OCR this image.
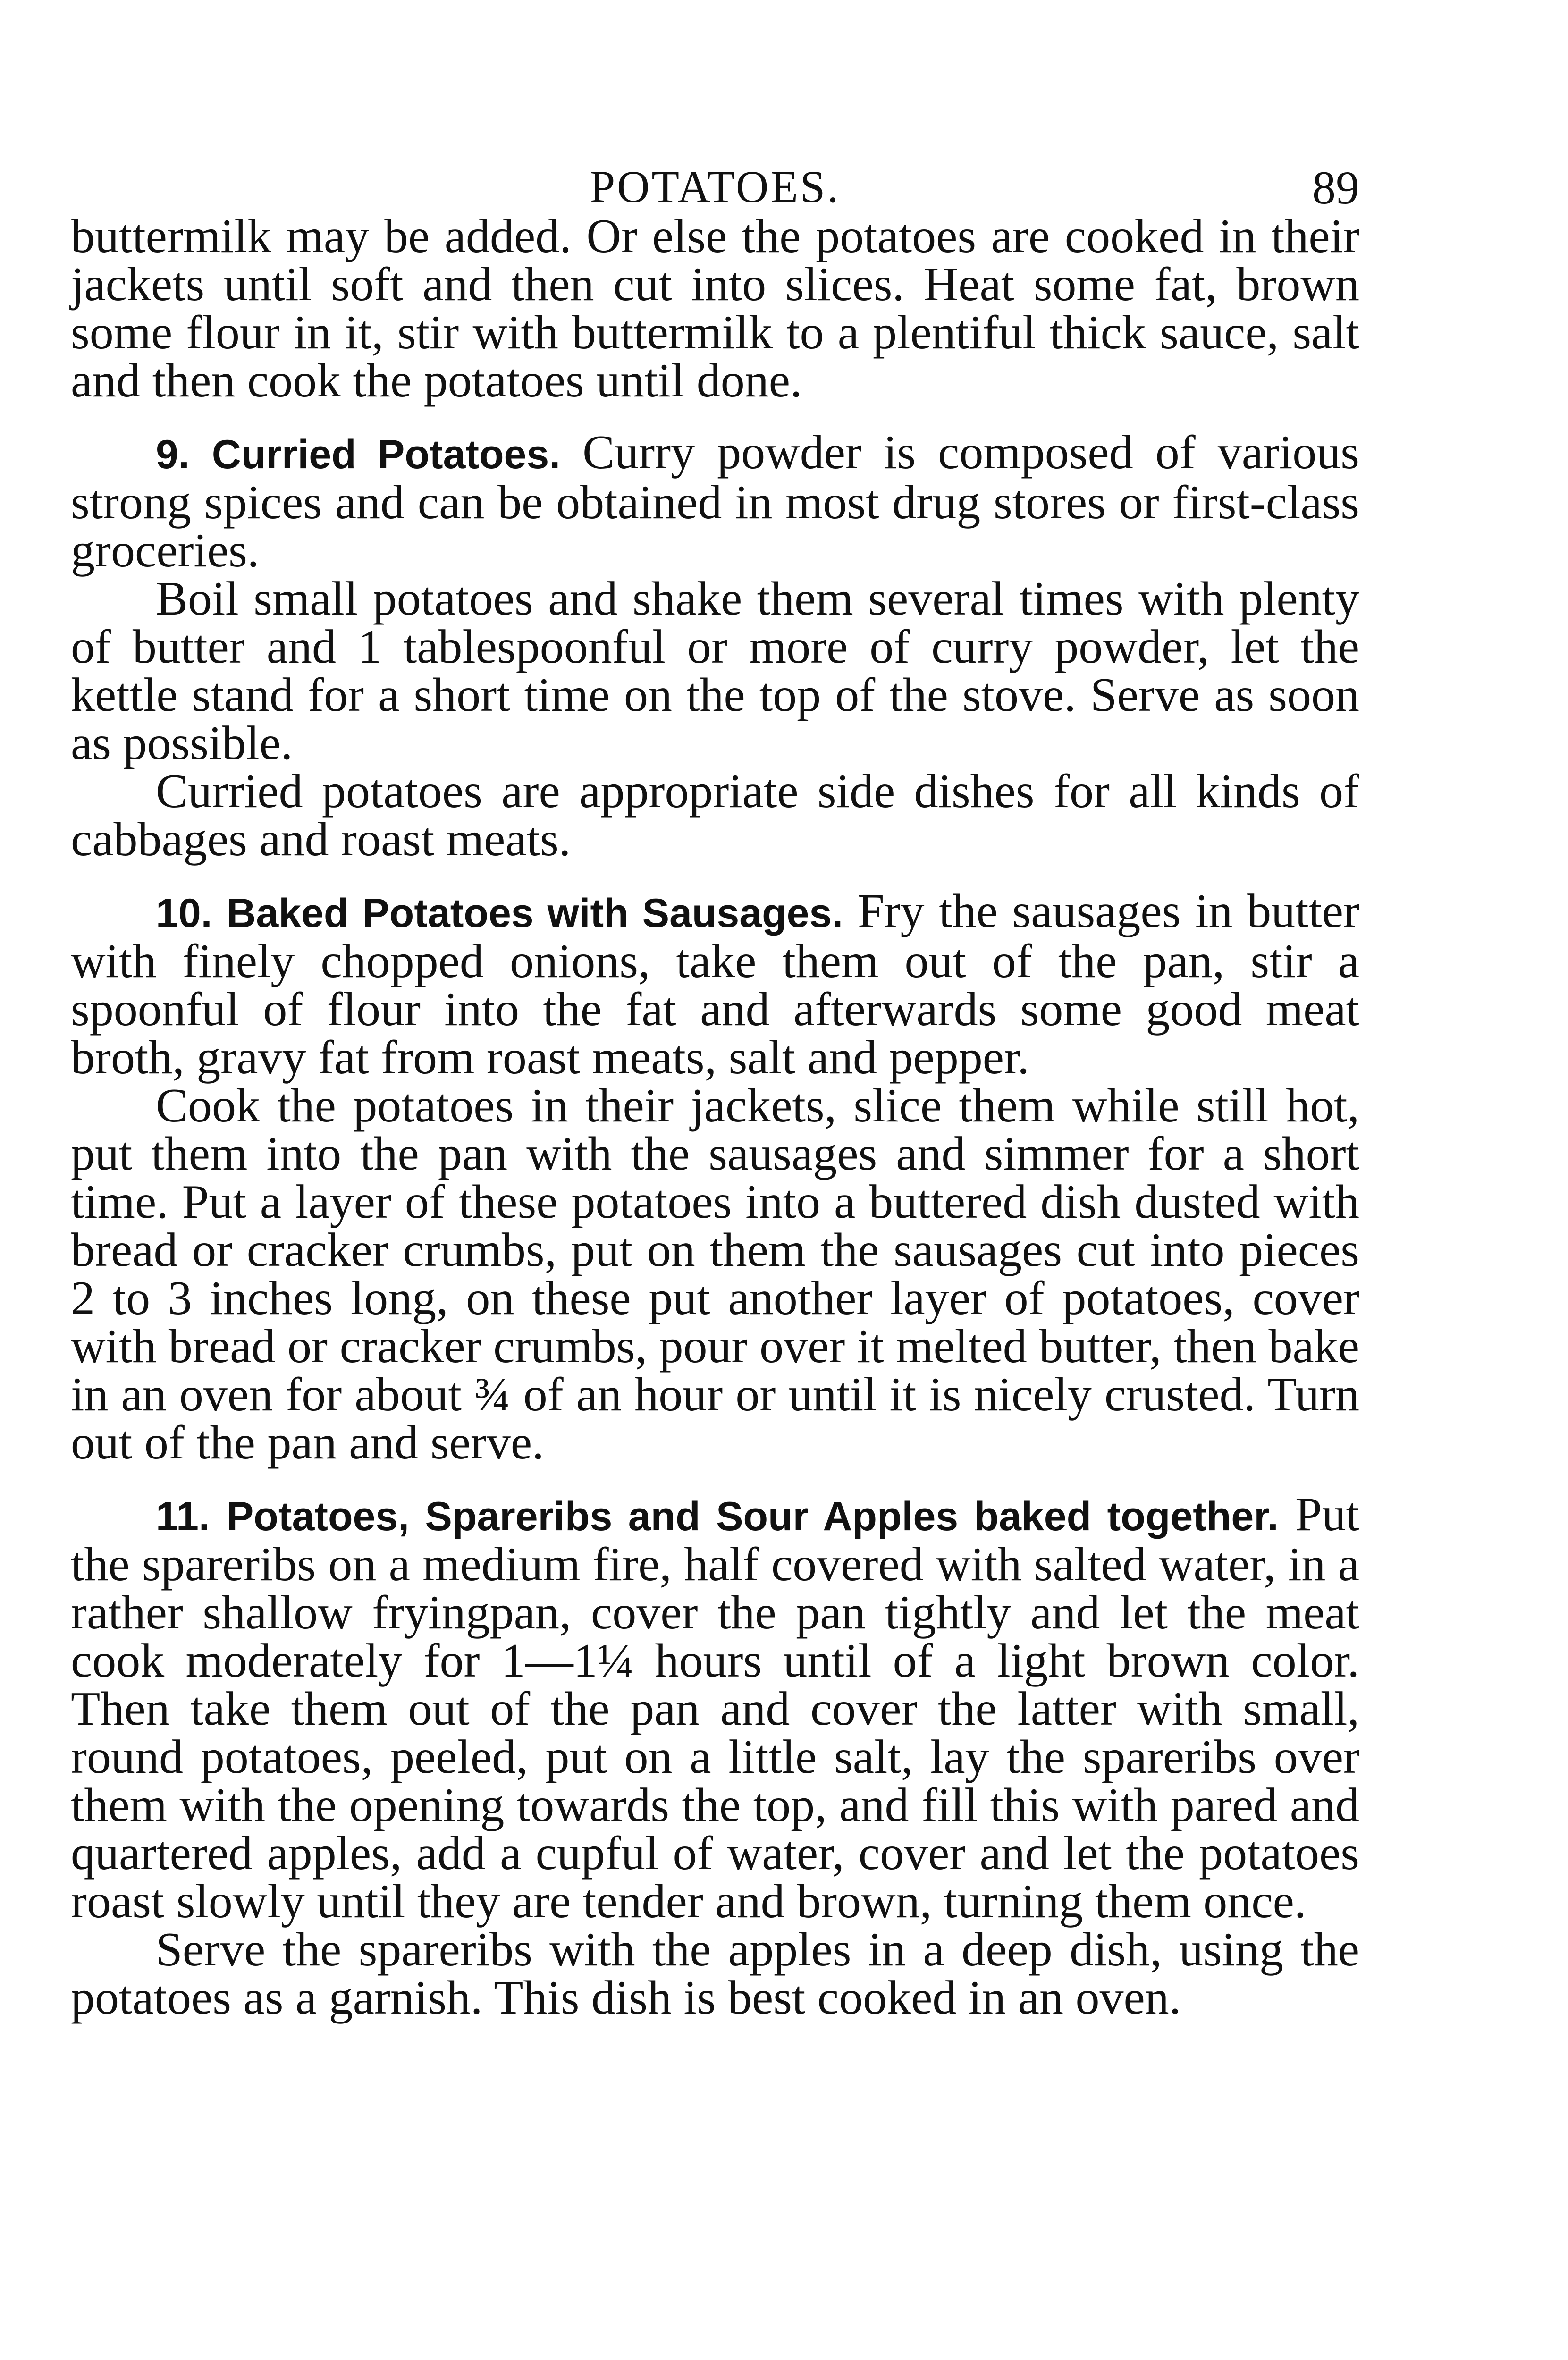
POTATOES.	89

buttermilk may be added. Or else the potatoes are cooked in their jackets until soft and then cut into slices. Heat some fat, brown some flour in it, stir with buttermilk to a plentiful thick sauce, salt and then cook the potatoes until done.

9. Curried Potatoes. Curry powder is composed of various strong spices and can be obtained in most drug stores or first-class groceries.

Boil small potatoes and shake them several times with plenty of butter and 1 tablespoonful or more of curry powder, let the kettle stand for a short time on the top of the stove. Serve as soon as possible.

Curried potatoes are appropriate side dishes for all kinds of cabbages and roast meats.

10. Baked Potatoes with Sausages. Fry the sausages in butter with finely chopped onions, take them out of the pan, stir a spoonful of flour into the fat and afterwards some good meat broth, gravy fat from roast meats, salt and pepper.

Cook the potatoes in their jackets, slice them while still hot, put them into the pan with the sausages and simmer for a short time. Put a layer of these potatoes into a buttered dish dusted with bread or cracker crumbs, put on them the sausages cut into pieces 2 to 3 inches long, on these put another layer of potatoes, cover with bread or cracker crumbs, pour over it melted butter, then bake in an oven for about ¾ of an hour or until it is nicely crusted. Turn out of the pan and serve.

11. Potatoes, Spareribs and Sour Apples baked together. Put the spareribs on a medium fire, half covered with salted water, in a rather shallow fryingpan, cover the pan tightly and let the meat cook moderately for 1—1¼ hours until of a light brown color. Then take them out of the pan and cover the latter with small, round potatoes, peeled, put on a little salt, lay the spareribs over them with the opening towards the top, and fill this with pared and quartered apples, add a cupful of water, cover and let the potatoes roast slowly until they are tender and brown, turning them once.

Serve the spareribs with the apples in a deep dish, using the potatoes as a garnish. This dish is best cooked in an oven.
